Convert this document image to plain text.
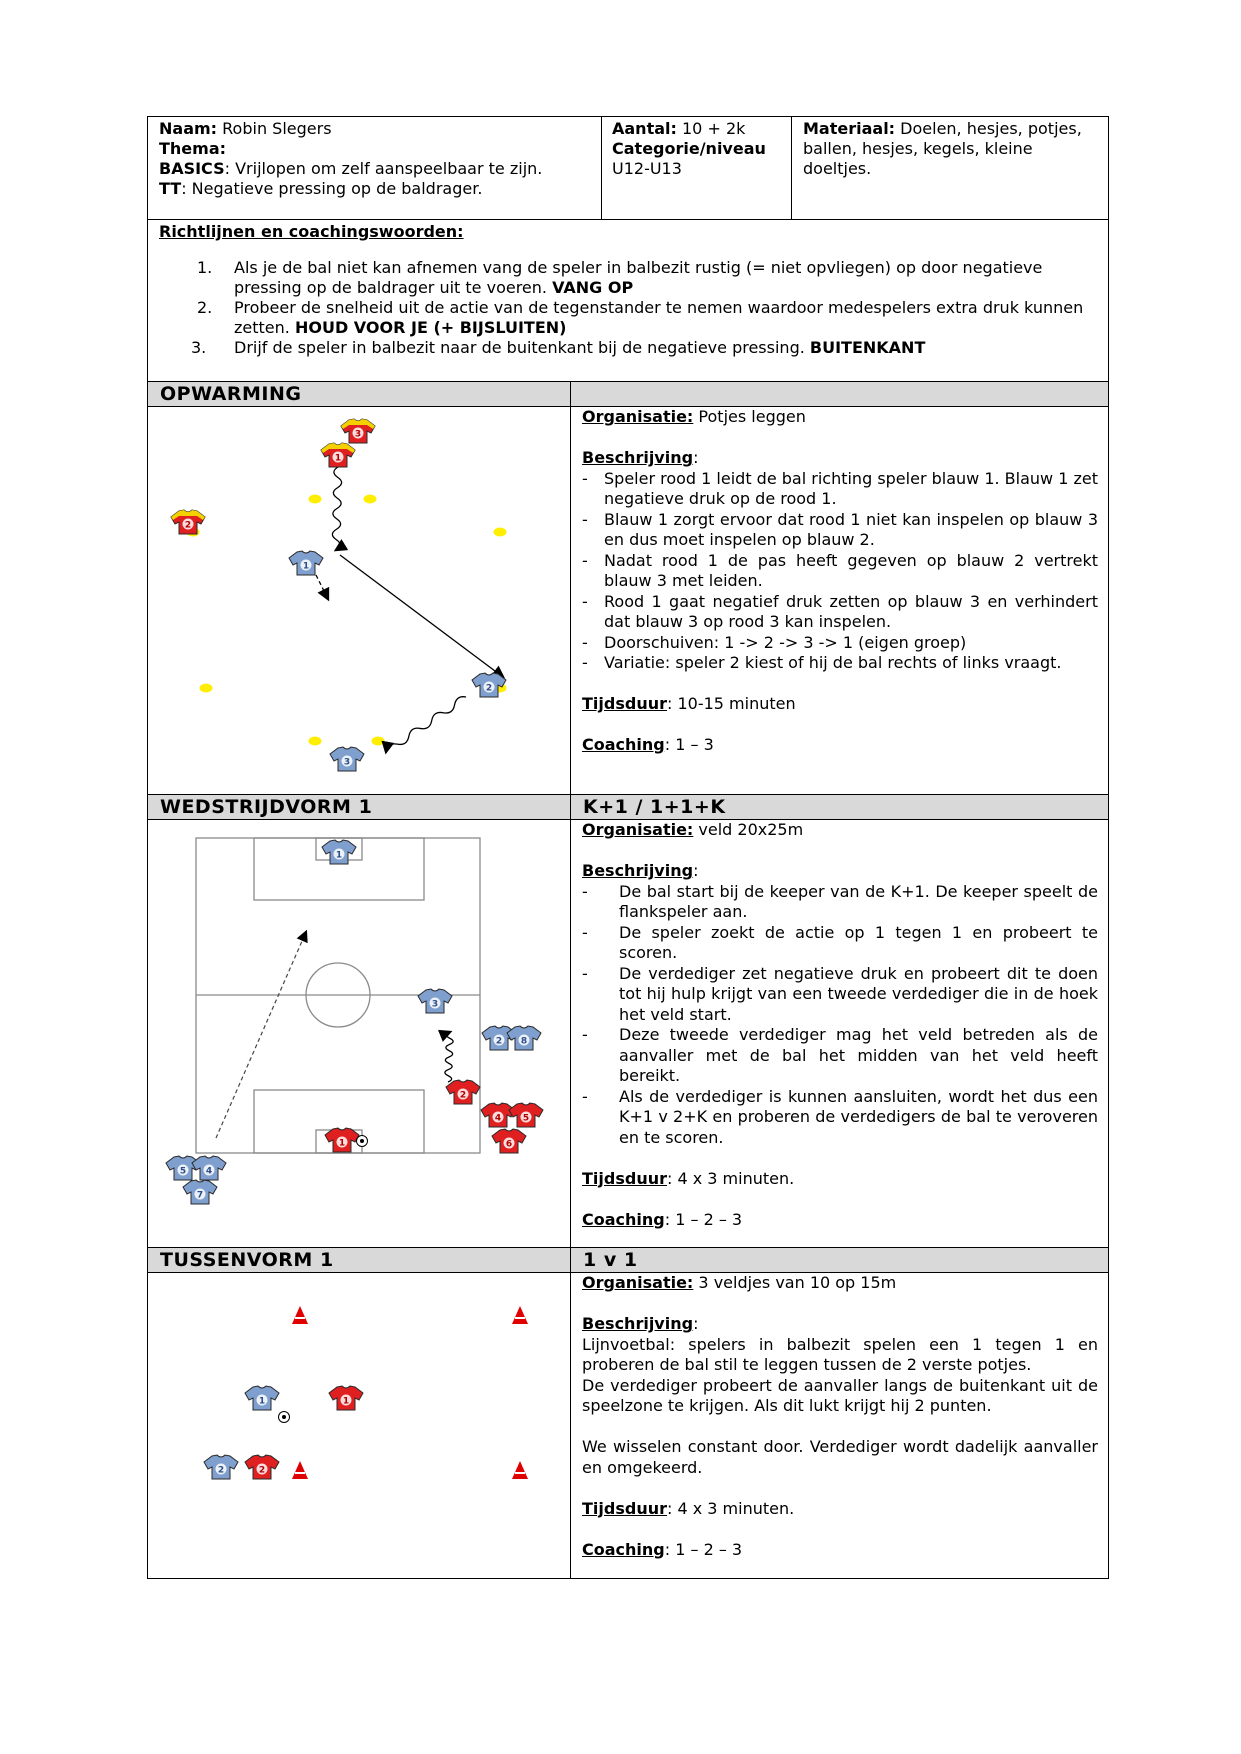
Naam: Robin Slegers
Thema:
BASICS: Vrijlopen om zelf aanspeelbaar te zijn.
TT: Negatieve pressing op de baldrager.
Aantal: 10 + 2k
Categorie/niveau
U12-U13
Materiaal: Doelen, hesjes, potjes,
ballen, hesjes, kegels, kleine
doeltjes.
Richtlijnen en coachingswoorden:
1. Als je de bal niet kan afnemen vang de speler in balbezit rustig (= niet opvliegen) op door negatieve pressing op de baldrager uit te voeren. VANG OP
2. Probeer de snelheid uit de actie van de tegenstander te nemen waardoor medespelers extra druk kunnen zetten. HOUD VOOR JE (+ BIJSLUITEN)
3. Drijf de speler in balbezit naar de buitenkant bij de negatieve pressing. BUITENKANT
OPWARMING
3
1
2
1
2
3
Organisatie: Potjes leggen
Beschrijving:
- Speler rood 1 leidt de bal richting speler blauw 1. Blauw 1 zet negatieve druk op de rood 1.
- Blauw 1 zorgt ervoor dat rood 1 niet kan inspelen op blauw 3 en dus moet inspelen op blauw 2.
- Nadat rood 1 de pas heeft gegeven op blauw 2 vertrekt blauw 3 met leiden.
- Rood 1 gaat negatief druk zetten op blauw 3 en verhindert dat blauw 3 op rood 3 kan inspelen.
- Doorschuiven: 1 -> 2 -> 3 -> 1 (eigen groep)
- Variatie: speler 2 kiest of hij de bal rechts of links vraagt.
Tijdsduur: 10-15 minuten
Coaching: 1 – 3
WEDSTRIJDVORM 1	K+1 / 1+1+K
1
3
2 8
2
4 5
6
1
5 4
7
Organisatie: veld 20x25m
Beschrijving:
- De bal start bij de keeper van de K+1. De keeper speelt de flankspeler aan.
- De speler zoekt de actie op 1 tegen 1 en probeert te scoren.
- De verdediger zet negatieve druk en probeert dit te doen tot hij hulp krijgt van een tweede verdediger die in de hoek het veld start.
- Deze tweede verdediger mag het veld betreden als de aanvaller met de bal het midden van het veld heeft bereikt.
- Als de verdediger is kunnen aansluiten, wordt het dus een K+1 v 2+K en proberen de verdedigers de bal te veroveren en te scoren.
Tijdsduur: 4 x 3 minuten.
Coaching: 1 – 2 – 3
TUSSENVORM 1	1 v 1
1	1
2	2
Organisatie: 3 veldjes van 10 op 15m
Beschrijving:
Lijnvoetbal: spelers in balbezit spelen een 1 tegen 1 en proberen de bal stil te leggen tussen de 2 verste potjes.
De verdediger probeert de aanvaller langs de buitenkant uit de speelzone te krijgen. Als dit lukt krijgt hij 2 punten.
We wisselen constant door. Verdediger wordt dadelijk aanvaller en omgekeerd.
Tijdsduur: 4 x 3 minuten.
Coaching: 1 – 2 – 3
